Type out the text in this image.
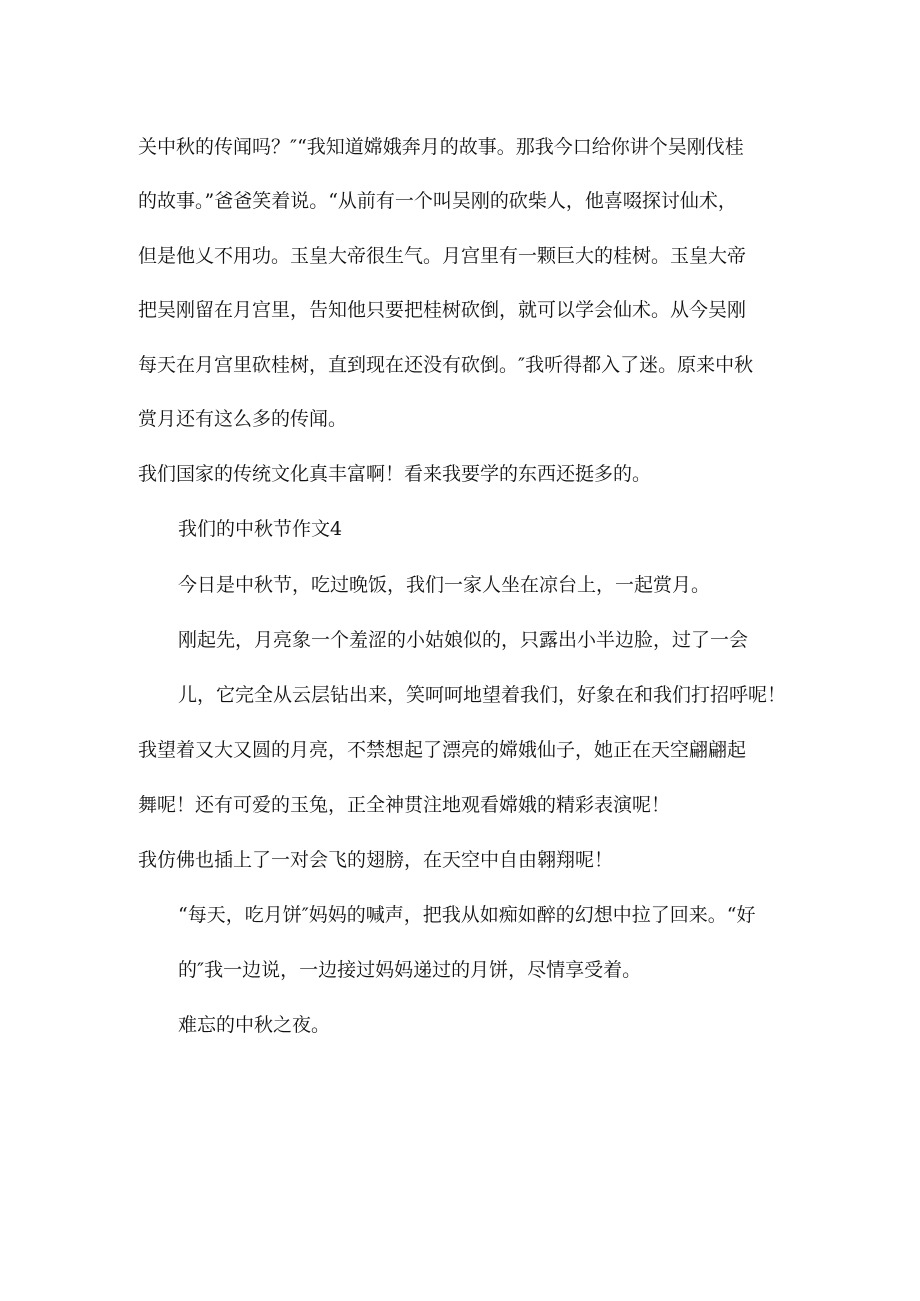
关中秋的传闻吗？″“我知道嫦娥奔月的故事。那我今口给你讲个吴刚伐桂

的故事。”爸爸笑着说。“从前有一个叫吴刚的砍柴人，他喜啜探讨仙术，

但是他乂不用功。玉皇大帝很生气。月宫里有一颗巨大的桂树。玉皇大帝

把吴刚留在月宫里，告知他只要把桂树砍倒，就可以学会仙术。从今吴刚

每天在月宫里砍桂树，直到现在还没有砍倒。″我听得都入了迷。原来中秋

赏月还有这么多的传闻。

我们国家的传统文化真丰富啊！看来我要学的东西还挺多的。

我们的中秋节作文4

今日是中秋节，吃过晚饭，我们一家人坐在凉台上，一起赏月。

刚起先，月亮象一个羞涩的小姑娘似的，只露出小半边脸，过了一会

儿，它完全从云层钻出来，笑呵呵地望着我们，好象在和我们打招呼呢！

我望着又大又圆的月亮，不禁想起了漂亮的嫦娥仙子，她正在天空翩翩起

舞呢！还有可爱的玉兔，正全神贯注地观看嫦娥的精彩表演呢！

我仿佛也插上了一对会飞的翅膀，在天空中自由翱翔呢！

“每天，吃月饼″妈妈的喊声，把我从如痴如醉的幻想中拉了回来。“好

的″我一边说，一边接过妈妈递过的月饼，尽情享受着。

难忘的中秋之夜。
